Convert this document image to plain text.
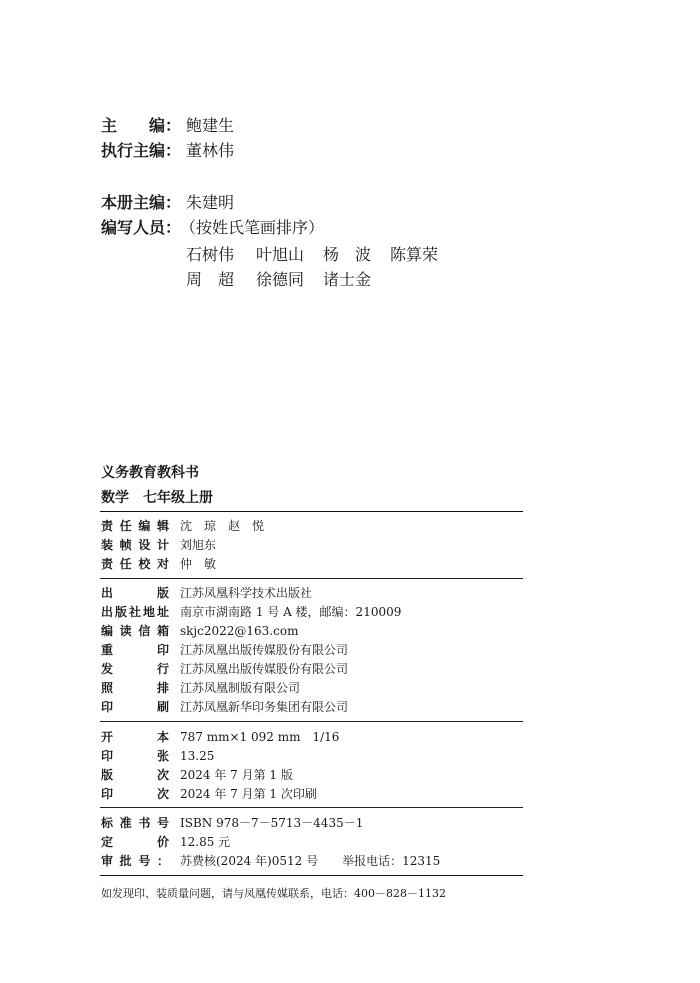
主　　编： 鲍建生
执行主编： 董林伟
本册主编： 朱建明
编写人员：
（按姓氏笔画排序）
石树伟 叶旭山 杨　波 陈算荣
周　超 徐德同 诸士金
义务教育教科书
数学　七年级上册
责任编辑 沈　琼　赵　悦
装帧设计 刘旭东
责任校对 仲　敏
出版 江苏凤凰科学技术出版社
出版社地址 南京市湖南路 1 号 A 楼，邮编：210009
编读信箱 skjc2022@163.com
重印 江苏凤凰出版传媒股份有限公司
发行 江苏凤凰出版传媒股份有限公司
照排 江苏凤凰制版有限公司
印刷 江苏凤凰新华印务集团有限公司
开本 787 mm×1 092 mm　1/16
印张 13.25
版次 2024 年 7 月第 1 版
印次 2024 年 7 月第 1 次印刷
标准书号 ISBN 978－7－5713－4435－1
定价 12.85 元
审批号： 苏费核(2024 年)0512 号　　举报电话：12315
如发现印、装质量问题，请与凤凰传媒联系，电话：400－828－1132
